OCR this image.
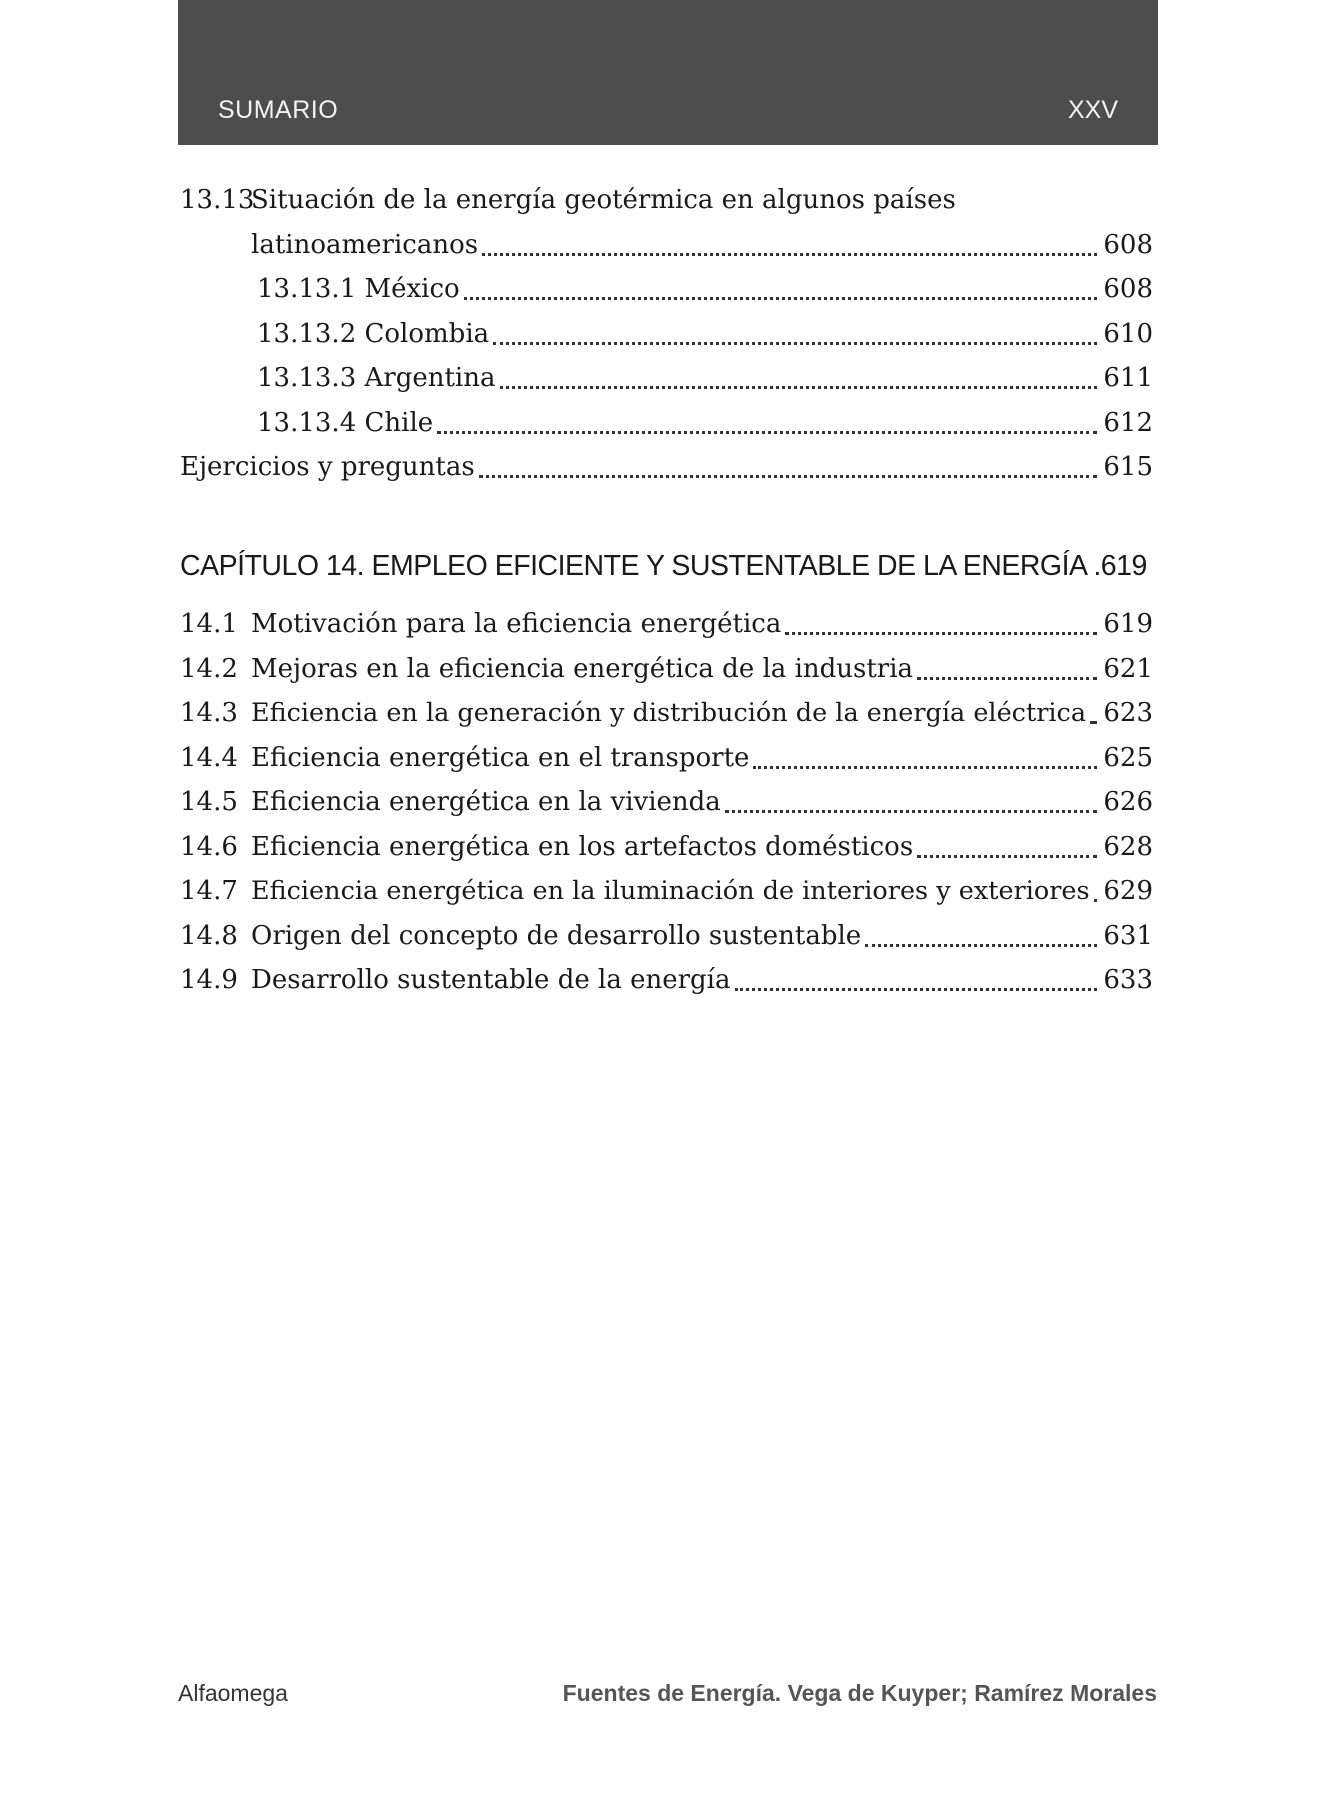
SUMARIO	XXV
13.13
Situación de la energía geotérmica en algunos países
latinoamericanos	608
13.13.1 México	608
13.13.2 Colombia	610
13.13.3 Argentina	611
13.13.4 Chile	612
Ejercicios y preguntas	615
CAPÍTULO 14. EMPLEO EFICIENTE Y SUSTENTABLE DE LA ENERGÍA .619
14.1 Motivación para la eficiencia energética	619
14.2 Mejoras en la eficiencia energética de la industria	621
14.3 Eficiencia en la generación y distribución de la energía eléctrica 623
14.4 Eficiencia energética en el transporte	625
14.5 Eficiencia energética en la vivienda	626
14.6 Eficiencia energética en los artefactos domésticos	628
14.7 Eficiencia energética en la iluminación de interiores y exteriores 629
14.8 Origen del concepto de desarrollo sustentable	631
14.9 Desarrollo sustentable de la energía	633
Alfaomega	Fuentes de Energía. Vega de Kuyper; Ramírez Morales
